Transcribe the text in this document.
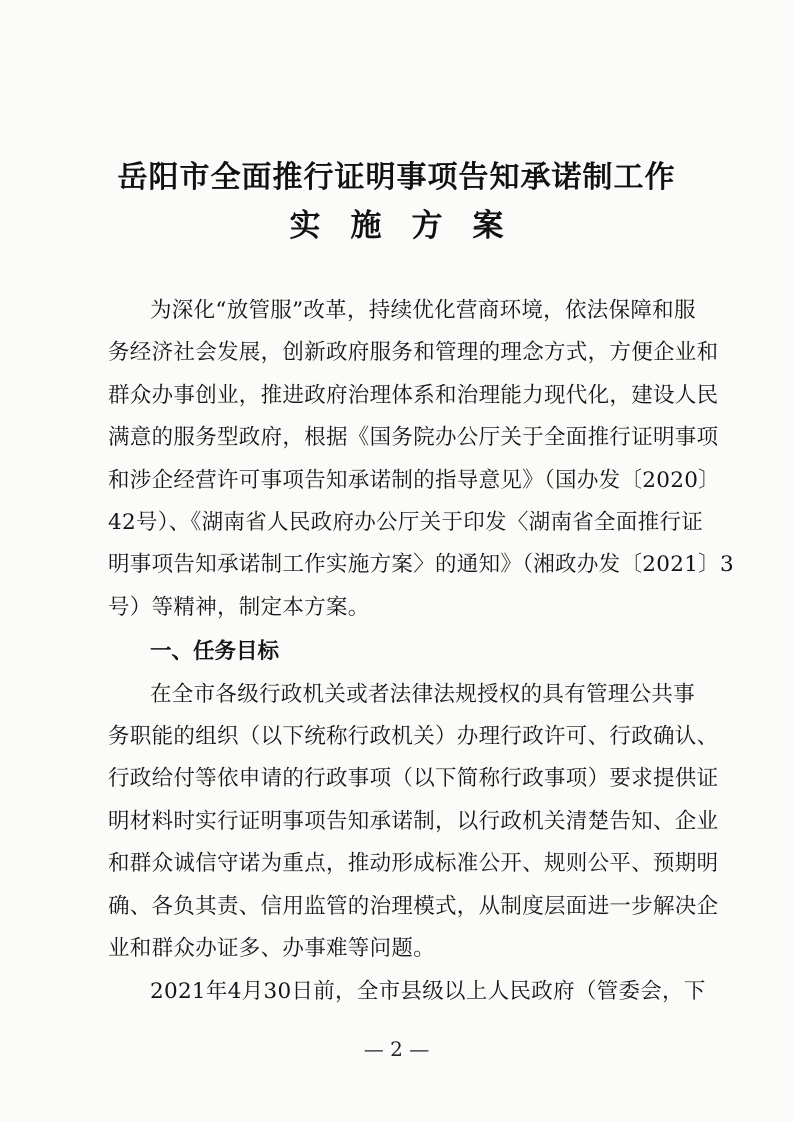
岳阳市全面推行证明事项告知承诺制工作
实施方案
为深化“放管服”改革，持续优化营商环境，依法保障和服
务经济社会发展，创新政府服务和管理的理念方式，方便企业和
群众办事创业，推进政府治理体系和治理能力现代化，建设人民
满意的服务型政府，根据《国务院办公厅关于全面推行证明事项
和涉企经营许可事项告知承诺制的指导意见》（国办发〔2020〕
42号）、《湖南省人民政府办公厅关于印发〈湖南省全面推行证
明事项告知承诺制工作实施方案〉的通知》（湘政办发〔2021〕3
号）等精神，制定本方案。
一、任务目标
在全市各级行政机关或者法律法规授权的具有管理公共事
务职能的组织（以下统称行政机关）办理行政许可、行政确认、
行政给付等依申请的行政事项（以下简称行政事项）要求提供证
明材料时实行证明事项告知承诺制，以行政机关清楚告知、企业
和群众诚信守诺为重点，推动形成标准公开、规则公平、预期明
确、各负其责、信用监管的治理模式，从制度层面进一步解决企
业和群众办证多、办事难等问题。
2021年4月30日前，全市县级以上人民政府（管委会，下
— 2 —
